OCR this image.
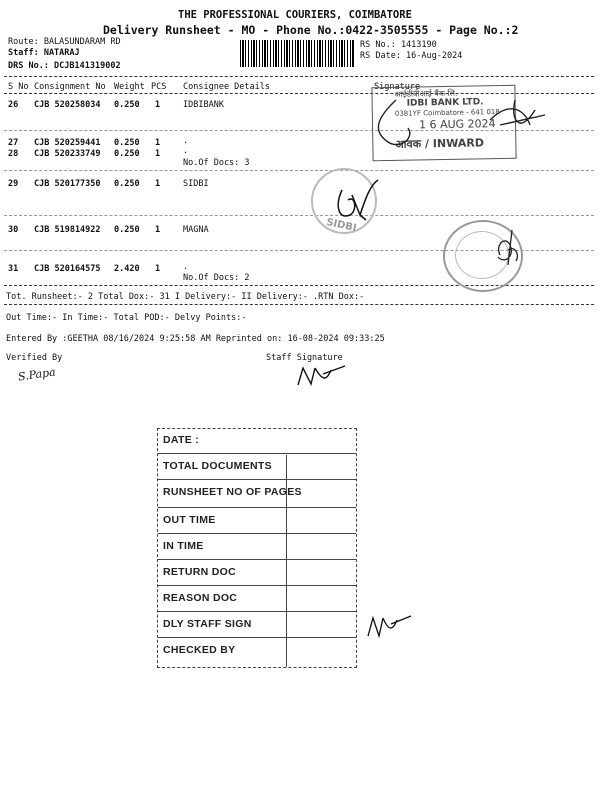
THE PROFESSIONAL COURIERS, COIMBATORE
Delivery Runsheet - MO - Phone No.:0422-3505555 - Page No.:2
Route: BALASUNDARAM RD
Staff: NATARAJ
DRS No.: DCJB141319002
RS No.: 1413190
RS Date: 16-Aug-2024
S No Consignment No Weight PCS Consignee Details	Signature
26 CJB 520258034 0.250 1	IDBIBANK
27 CJB 520259441 0.250 1	.
28 CJB 520233749 0.250 1	.
No.Of Docs: 3
29 CJB 520177350 0.250 1	SIDBI
30 CJB 519814922 0.250 1	MAGNA
31 CJB 520164575 2.420 1	.
No.Of Docs: 2
आईडीबीआई बैंक लि.
IDBI BANK LTD.
0381YF Coimbatore - 641 018
1 6 AUG 2024
आवक / INWARD
SIDBI
Tot. Runsheet:- 2 Total Dox:- 31 I Delivery:- II Delivery:- .RTN Dox:-
Out Time:- In Time:- Total POD:- Delvy Points:-
Entered By :GEETHA 08/16/2024 9:25:58 AM Reprinted on: 16-08-2024 09:33:25
Verified By	Staff Signature
S.Papa
DATE :
TOTAL DOCUMENTS
RUNSHEET NO OF PAGES
OUT TIME
IN TIME
RETURN DOC
REASON DOC
DLY STAFF SIGN
CHECKED BY
